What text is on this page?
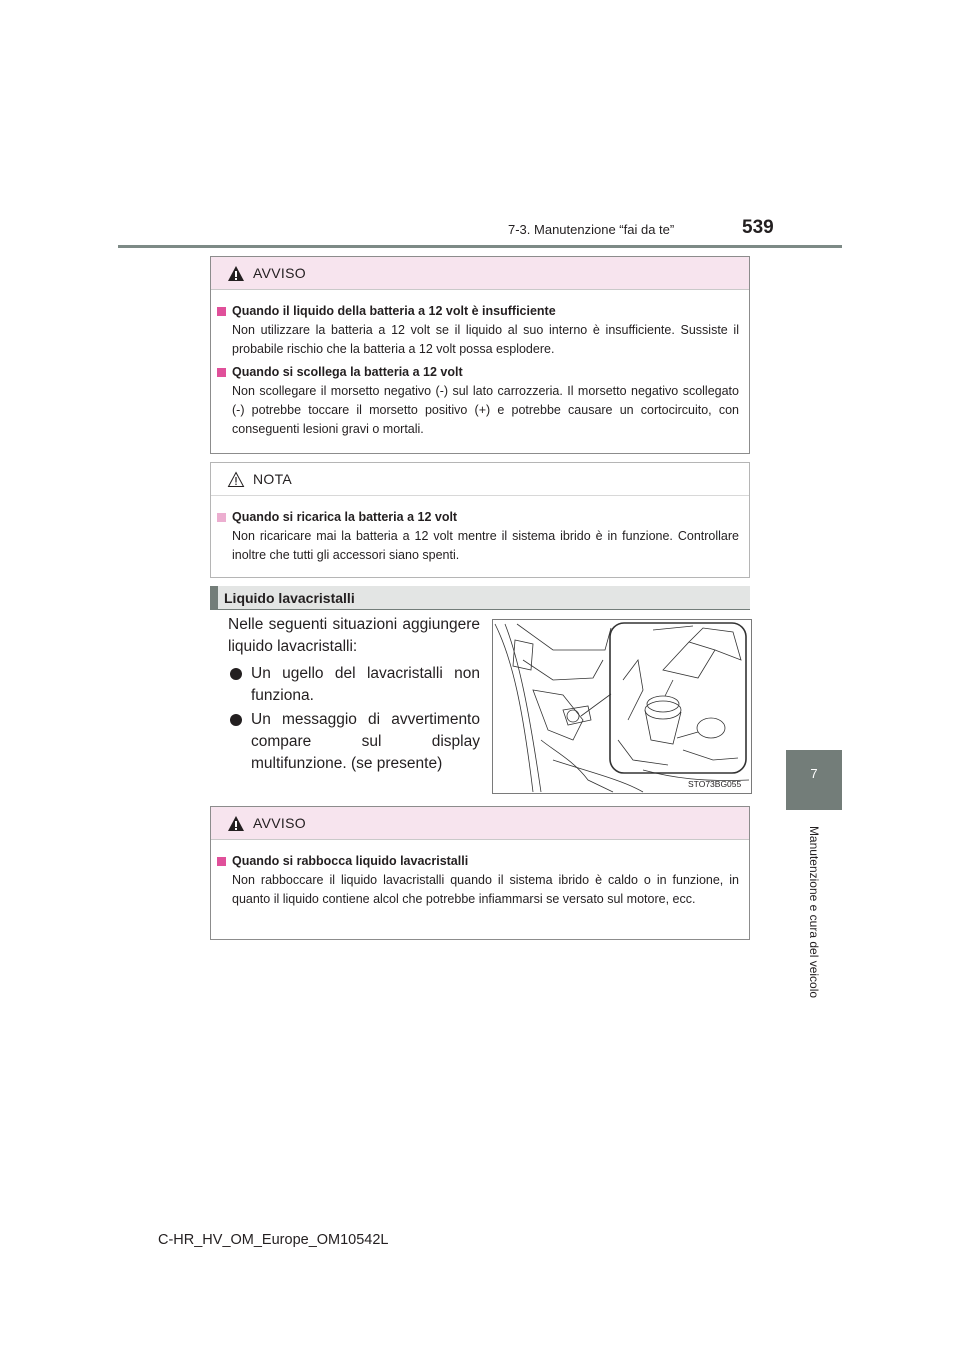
7-3. Manutenzione “fai da te”	539
7
Manutenzione e cura del veicolo
AVVISO
Quando il liquido della batteria a 12 volt è insufficiente
Non utilizzare la batteria a 12 volt se il liquido al suo interno è insufficiente. Sussiste il probabile rischio che la batteria a 12 volt possa esplodere.
Quando si scollega la batteria a 12 volt
Non scollegare il morsetto negativo (-) sul lato carrozzeria. Il morsetto negativo scollegato (-) potrebbe toccare il morsetto positivo (+) e potrebbe causare un cortocircuito, con conseguenti lesioni gravi o mortali.
NOTA
Quando si ricarica la batteria a 12 volt
Non ricaricare mai la batteria a 12 volt mentre il sistema ibrido è in funzione. Controllare inoltre che tutti gli accessori siano spenti.
Liquido lavacristalli

Nelle seguenti situazioni aggiungere liquido lavacristalli:

Un ugello del lavacristalli non funziona.
Un messaggio di avvertimento compare sul display multifunzione. (se presente)
STO73BG055
AVVISO
Quando si rabbocca liquido lavacristalli
Non rabboccare il liquido lavacristalli quando il sistema ibrido è caldo o in funzione, in quanto il liquido contiene alcol che potrebbe infiammarsi se versato sul motore, ecc.
C-HR_HV_OM_Europe_OM10542L
